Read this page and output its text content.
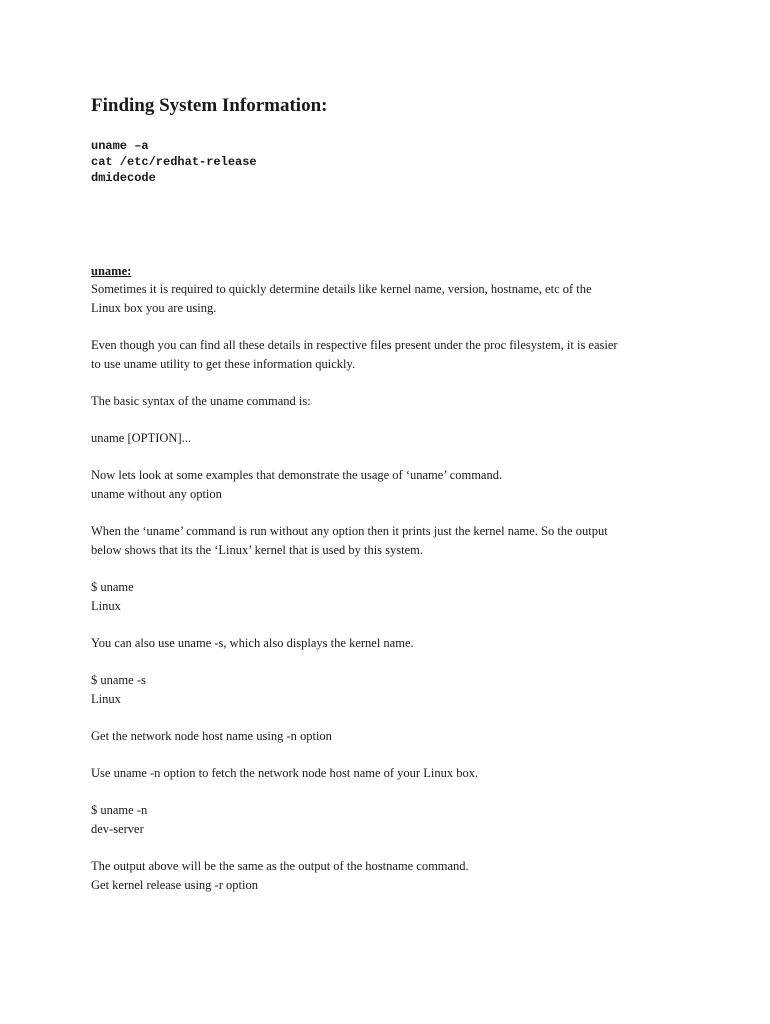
Finding System Information:
uname –a
cat /etc/redhat-release
dmidecode
uname:

Sometimes it is required to quickly determine details like kernel name, version, hostname, etc of the
Linux box you are using.

Even though you can find all these details in respective files present under the proc filesystem, it is easier
to use uname utility to get these information quickly.

The basic syntax of the uname command is:

uname [OPTION]...

Now lets look at some examples that demonstrate the usage of ‘uname’ command.
uname without any option

When the ‘uname’ command is run without any option then it prints just the kernel name. So the output
below shows that its the ‘Linux’ kernel that is used by this system.

$ uname
Linux

You can also use uname -s, which also displays the kernel name.

$ uname -s
Linux

Get the network node host name using -n option

Use uname -n option to fetch the network node host name of your Linux box.

$ uname -n
dev-server

The output above will be the same as the output of the hostname command.
Get kernel release using -r option
